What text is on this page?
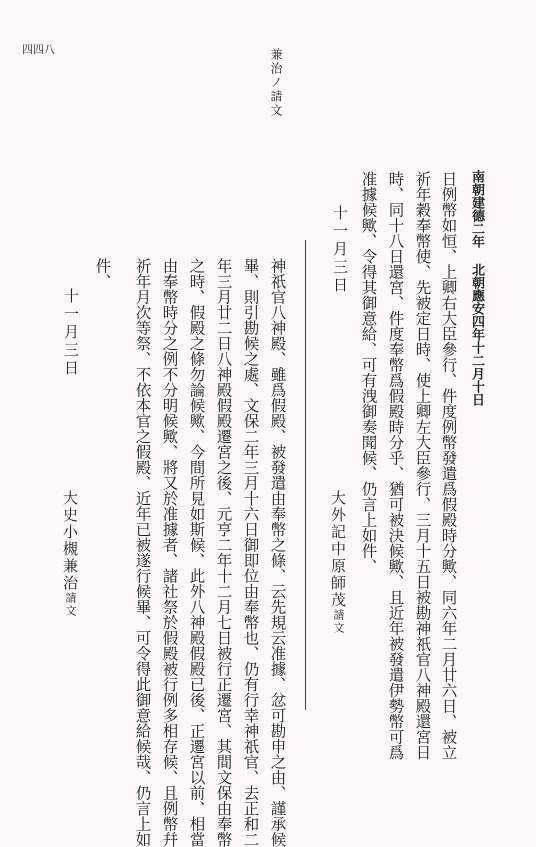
四四八	兼治ノ請文
南朝建德二年 北朝應安四年十二月十日
日例幣如恒、上卿右大臣參行、件度例幣發遣爲假殿時分歟、同六年二月廿六日、被立
祈年穀奉幣使、先被定日時、使上卿左大臣參行、三月十五日被勘神祇官八神殿還宮日
時、同十八日還宮、件度奉幣爲假殿時分乎、猶可被決候歟、且近年被發遣伊勢幣可爲
准據候歟、令得其御意給、可有洩御奏聞候、仍言上如件、
十一月三日
大外記中原師茂請文
神祇官八神殿、雖爲假殿、被發遣由奉幣之條、云先規云准據、忿可勘申之由、謹承候
畢、則引勘候之處、文保二年三月十六日御即位由奉幣也、仍有行幸神祇官、去正和二
年三月廿二日八神殿假殿遷宮之後、元亨二年十二月七日被行正遷宮、其間文保由奉幣
之時、假殿之條勿論候歟、今間所見如斯候、此外八神殿假殿已後、正遷宮以前、相當
由奉幣時分之例不分明候歟、將又於准據者、諸社祭於假殿被行例多相存候、且例幣幷
祈年月次等祭、不依本官之假殿、近年已被遂行候畢、可令得此御意給候哉、仍言上如
件、
十一月三日
大史小槻兼治請文
